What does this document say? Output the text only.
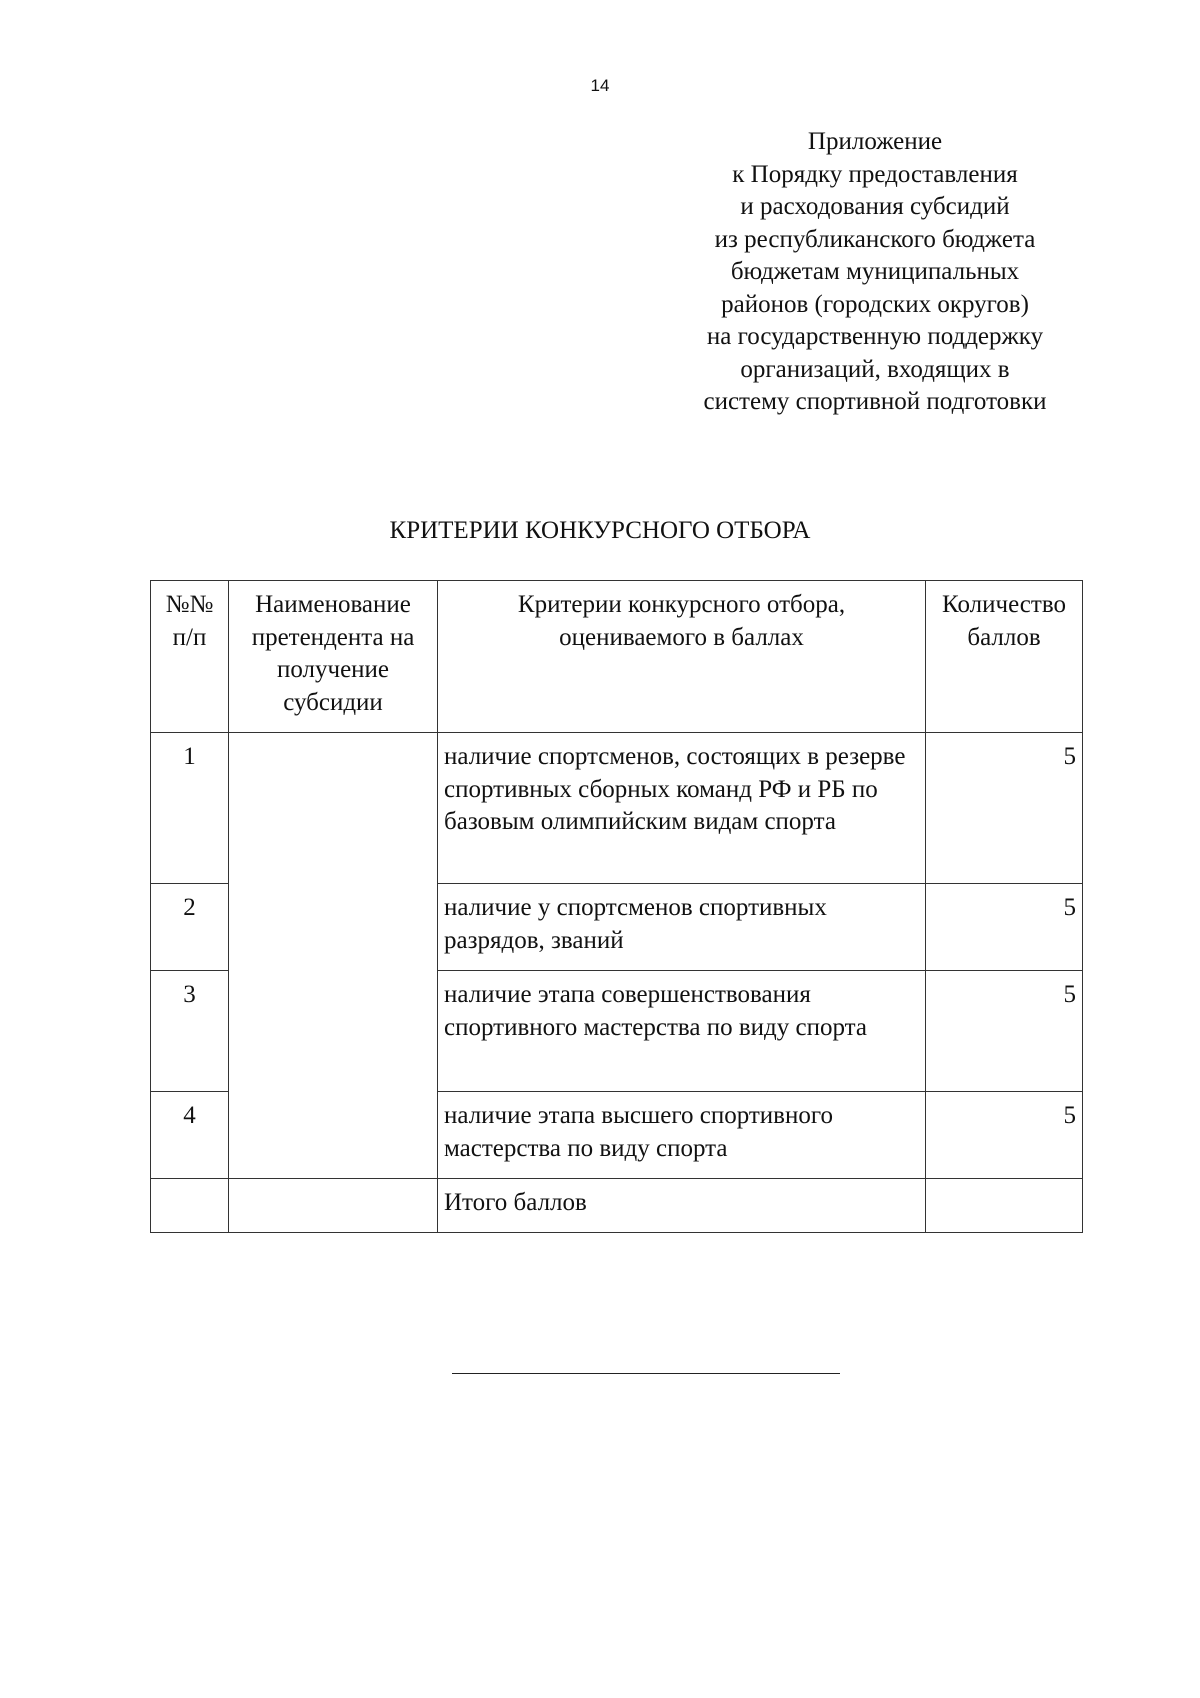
14
Приложение
к Порядку предоставления
и расходования субсидий
из республиканского бюджета
бюджетам муниципальных
районов (городских округов)
на государственную поддержку
организаций, входящих в
систему спортивной подготовки
КРИТЕРИИ КОНКУРСНОГО ОТБОРА
№№ п/п	Наименование претендента на получение субсидии	Критерии конкурсного отбора, оцениваемого в баллах	Количество баллов

1		наличие спортсменов, состоящих в резерве спортивных сборных команд РФ и РБ по базовым олимпийским видам спорта	5

2		наличие у спортсменов спортивных разрядов, званий	5

3		наличие этапа совершенствования спортивного мастерства по виду спорта	5

4		наличие этапа высшего спортивного мастерства по виду спорта	5

		Итого баллов	
